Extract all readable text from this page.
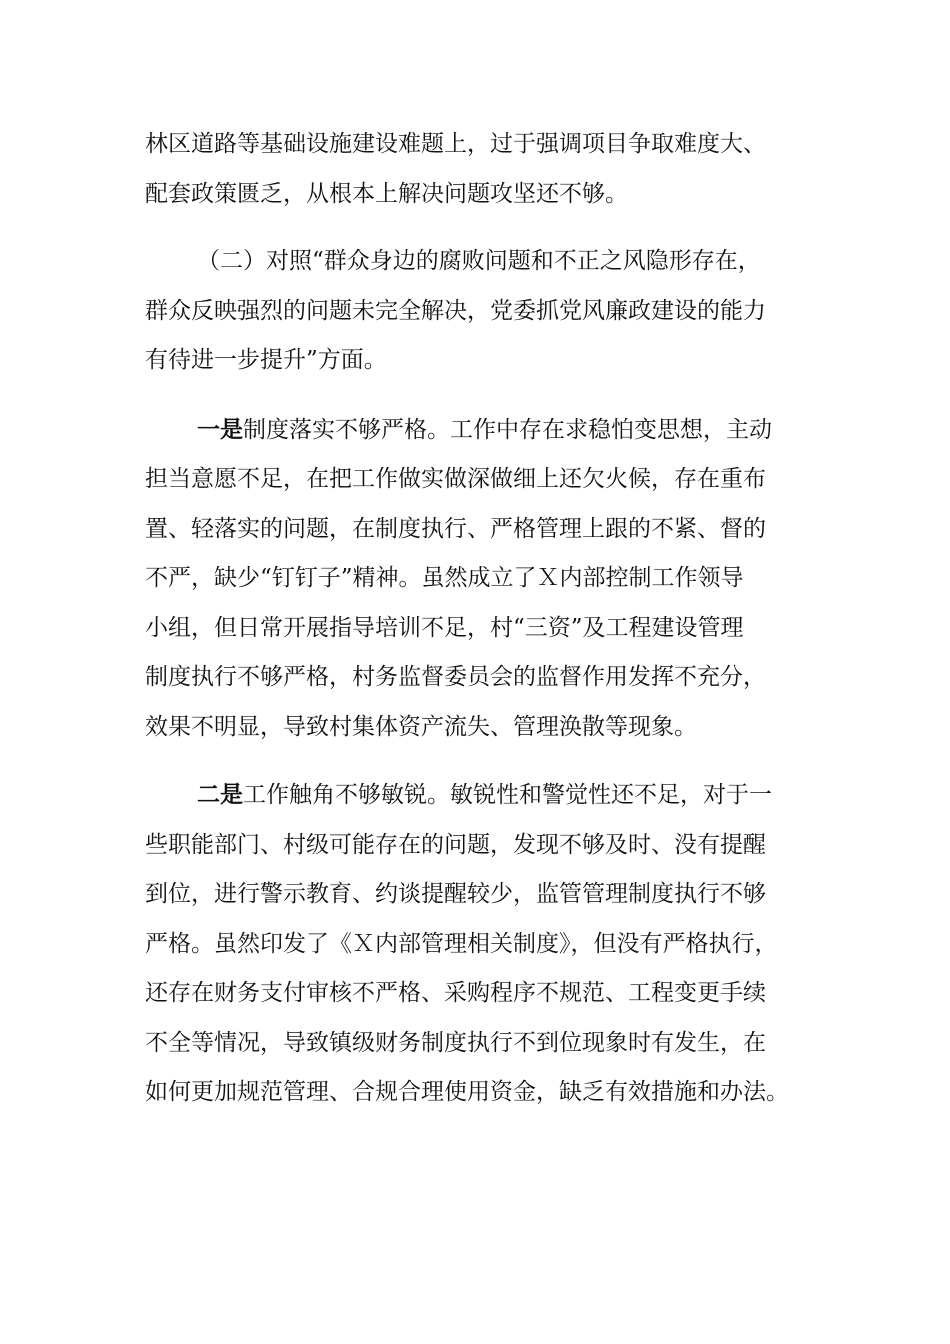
林区道路等基础设施建设难题上，过于强调项目争取难度大、
配套政策匮乏，从根本上解决问题攻坚还不够。

（二）对照“群众身边的腐败问题和不正之风隐形存在，
群众反映强烈的问题未完全解决，党委抓党风廉政建设的能力
有待进一步提升”方面。

一是制度落实不够严格。工作中存在求稳怕变思想，主动
担当意愿不足，在把工作做实做深做细上还欠火候，存在重布
置、轻落实的问题，在制度执行、严格管理上跟的不紧、督的
不严，缺少“钉钉子”精神。虽然成立了Ｘ内部控制工作领导
小组，但日常开展指导培训不足，村“三资”及工程建设管理
制度执行不够严格，村务监督委员会的监督作用发挥不充分，
效果不明显，导致村集体资产流失、管理涣散等现象。

二是工作触角不够敏锐。敏锐性和警觉性还不足，对于一
些职能部门、村级可能存在的问题，发现不够及时、没有提醒
到位，进行警示教育、约谈提醒较少，监管管理制度执行不够
严格。虽然印发了《Ｘ内部管理相关制度》，但没有严格执行，
还存在财务支付审核不严格、采购程序不规范、工程变更手续
不全等情况，导致镇级财务制度执行不到位现象时有发生，在
如何更加规范管理、合规合理使用资金，缺乏有效措施和办法。
